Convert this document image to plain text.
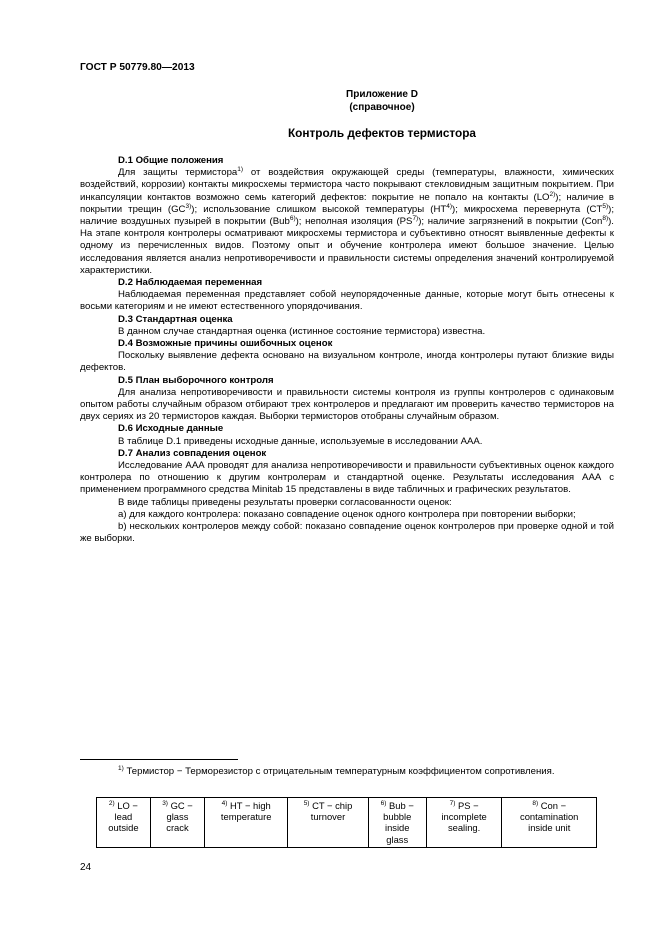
ГОСТ Р 50779.80—2013
Приложение D
(справочное)
Контроль дефектов термистора

D.1 Общие положения

Для защиты термистора$^{1)}$ от воздействия окружающей среды (температуры, влажности, химических воздействий, коррозии) контакты микросхемы термистора часто покрывают стекловидным защитным покрытием. При инкапсуляции контактов возможно семь категорий дефектов: покрытие не попало на контакты (LO$^{2)}$); наличие в покрытии трещин (GC$^{3)}$); использование слишком высокой температуры (HT$^{4)}$); микросхема перевернута (CT$^{5)}$); наличие воздушных пузырей в покрытии (Bub$^{6)}$); неполная изоляция (PS$^{7)}$); наличие загрязнений в покрытии (Con$^{8)}$). На этапе контроля контролеры осматривают микросхемы термистора и субъективно относят выявленные дефекты к одному из перечисленных видов. Поэтому опыт и обучение контролера имеют большое значение. Целью исследования является анализ непротиворечивости и правильности системы определения значений контролируемой характеристики.

D.2 Наблюдаемая переменная

Наблюдаемая переменная представляет собой неупорядоченные данные, которые могут быть отнесены к восьми категориям и не имеют естественного упорядочивания.

D.3 Стандартная оценка

В данном случае стандартная оценка (истинное состояние термистора) известна.

D.4 Возможные причины ошибочных оценок

Поскольку выявление дефекта основано на визуальном контроле, иногда контролеры путают близкие виды дефектов.

D.5 План выборочного контроля

Для анализа непротиворечивости и правильности системы контроля из группы контролеров с одинаковым опытом работы случайным образом отбирают трех контролеров и предлагают им проверить качество термисторов на двух сериях из 20 термисторов каждая. Выборки термисторов отобраны случайным образом.

D.6 Исходные данные

В таблице D.1 приведены исходные данные, используемые в исследовании ААА.

D.7 Анализ совпадения оценок

Исследование ААА проводят для анализа непротиворечивости и правильности субъективных оценок каждого контролера по отношению к другим контролерам и стандартной оценке. Результаты исследования ААА с применением программного средства Minitab 15 представлены в виде табличных и графических результатов.

В виде таблицы приведены результаты проверки согласованности оценок:

а) для каждого контролера: показано совпадение оценок одного контролера при повторении выборки;

b) нескольких контролеров между собой: показано совпадение оценок контролеров при проверке одной и той же выборки.

$^{1)}$ Термистор − Терморезистор с отрицательным температурным коэффициентом сопротивления.

$^{2)}$ LO −
lead
outside	$^{3)}$ GC −
glass
crack	$^{4)}$ HT − high
temperature	$^{5)}$ CT − chip
turnover	$^{6)}$ Bub −
bubble
inside
glass	$^{7)}$ PS −
incomplete
sealing.	$^{8)}$ Con −
contamination
inside unit
24
